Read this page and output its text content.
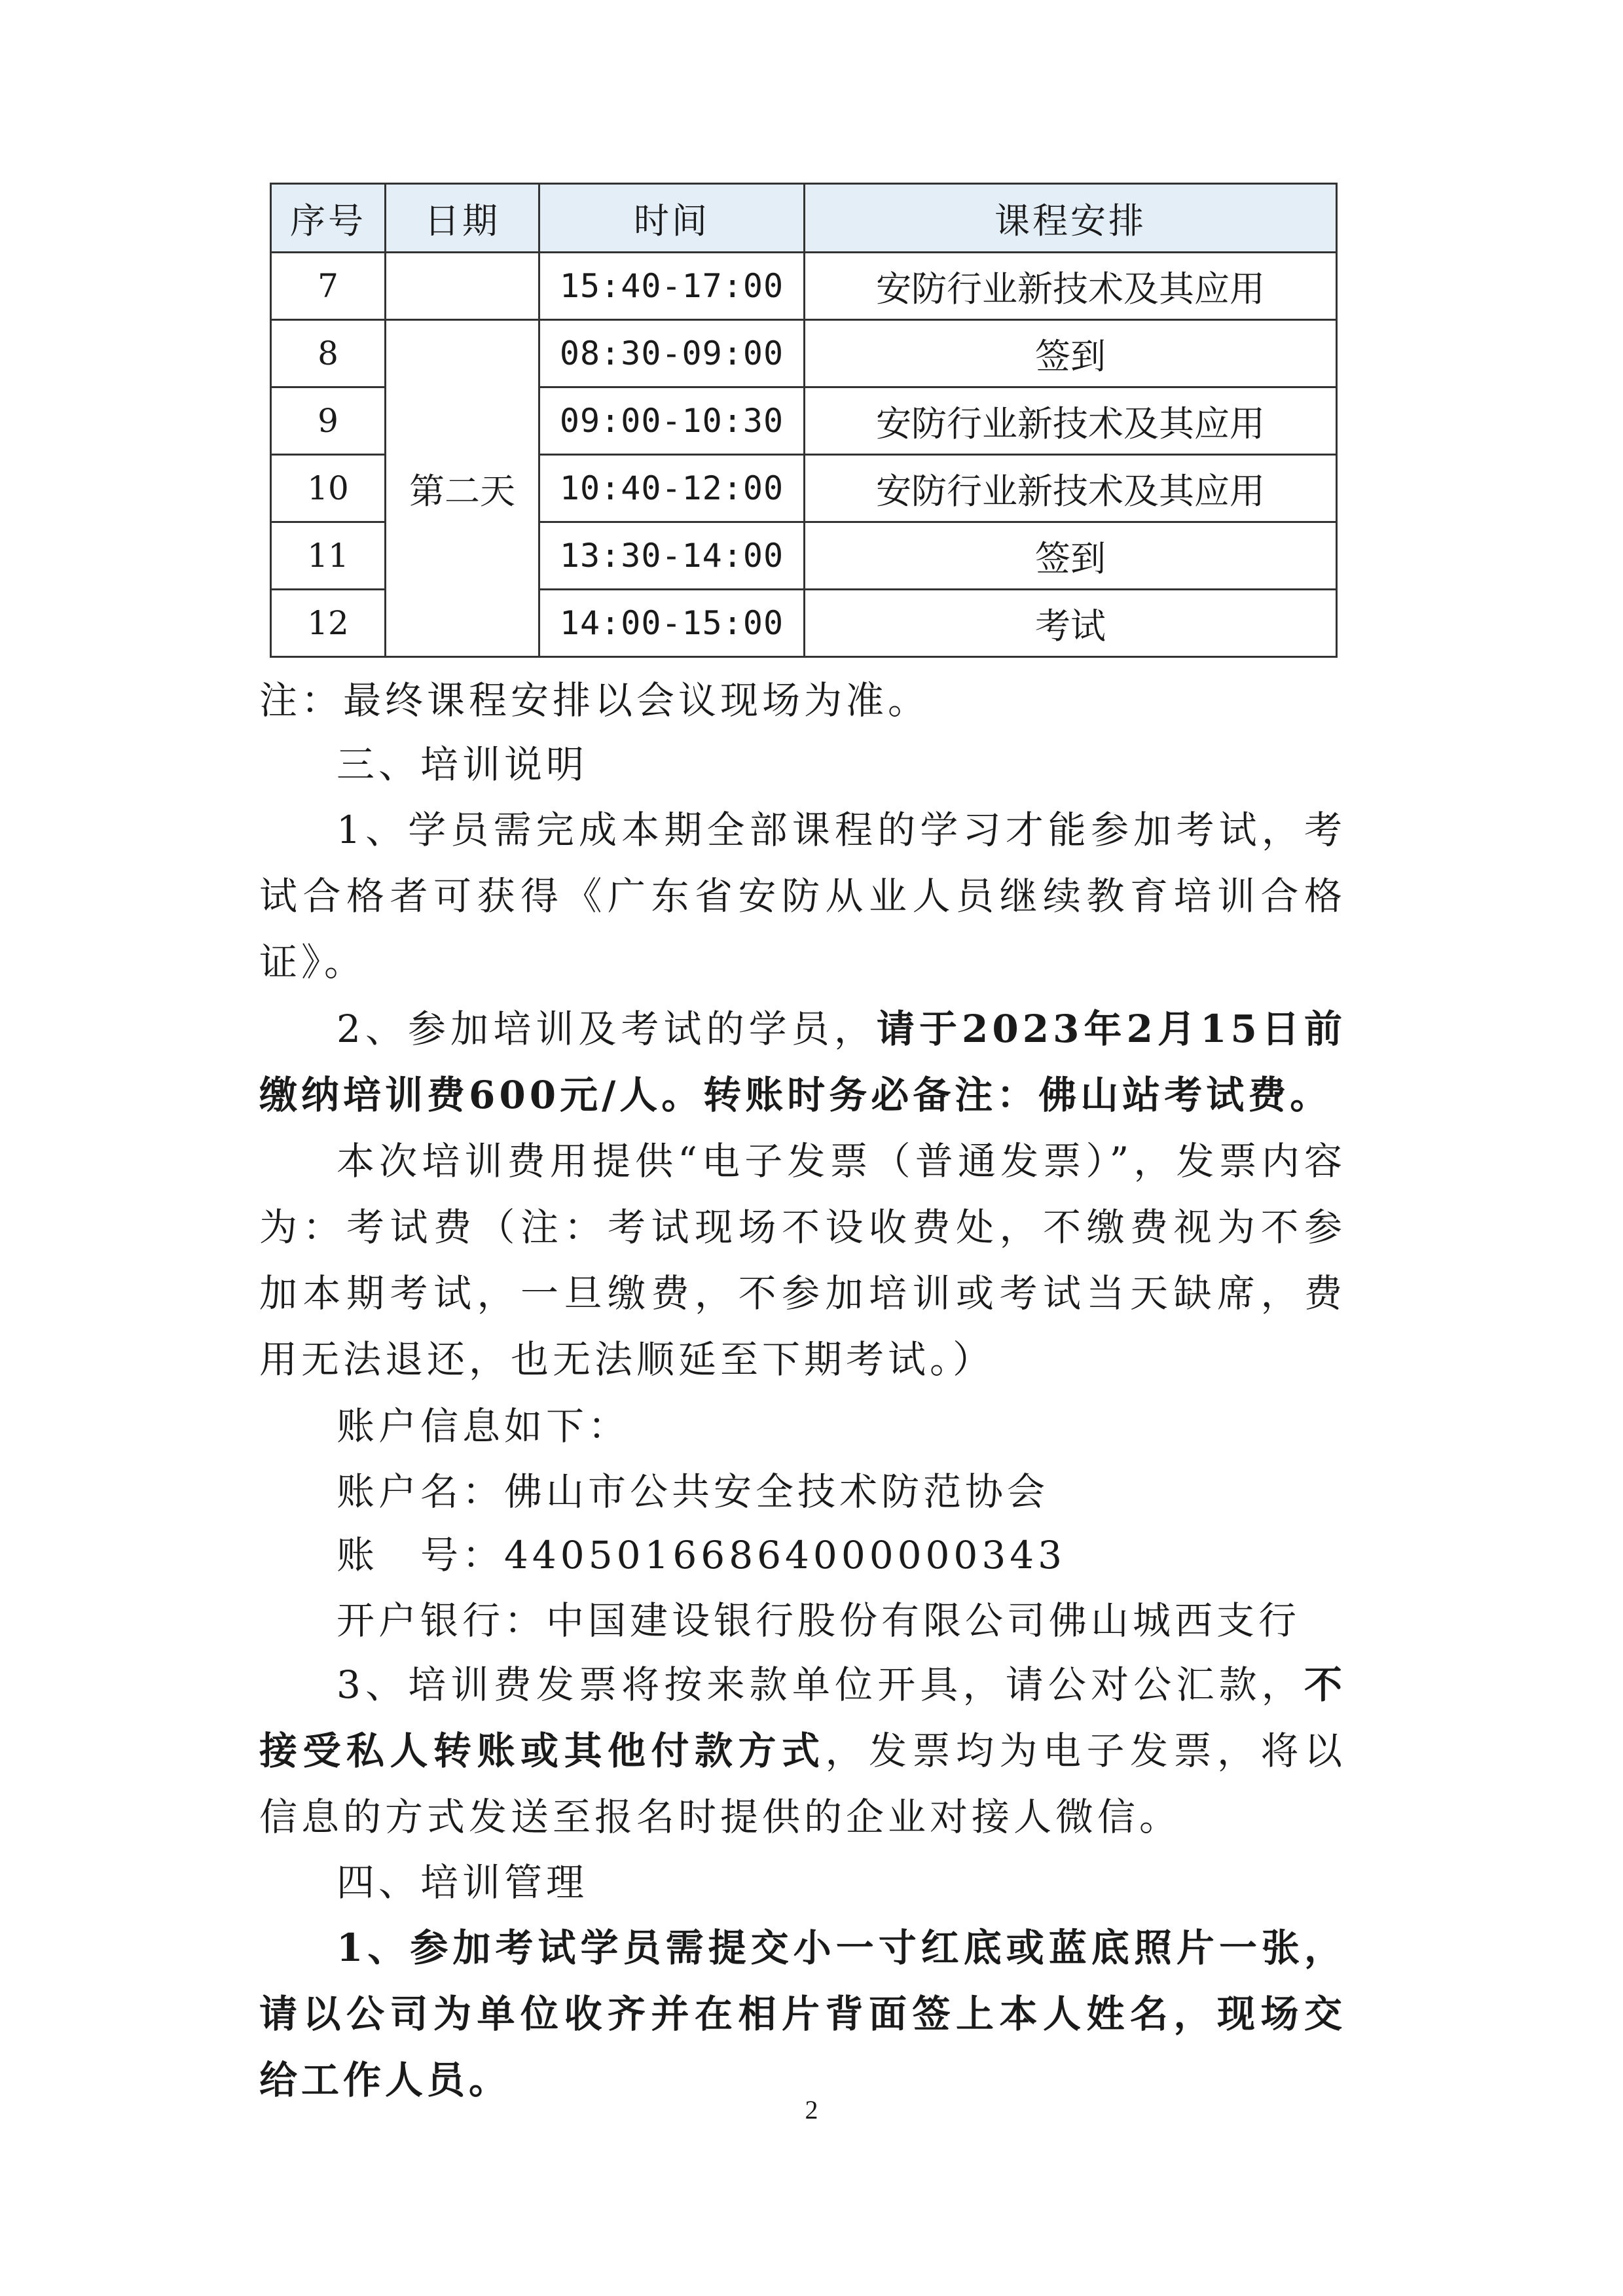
序号	日期	时间	课程安排
7		15:40-17:00	安防行业新技术及其应用
8	第二天	08:30-09:00	签到
9		09:00-10:30	安防行业新技术及其应用
10		10:40-12:00	安防行业新技术及其应用
11		13:30-14:00	签到
12		14:00-15:00	考试

注：最终课程安排以会议现场为准。

三、培训说明

1、学员需完成本期全部课程的学习才能参加考试，考试合格者可获得《广东省安防从业人员继续教育培训合格证》。

2、参加培训及考试的学员，请于2023年2月15日前缴纳培训费600元/人。转账时务必备注：佛山站考试费。

本次培训费用提供“电子发票（普通发票）”，发票内容为：考试费（注：考试现场不设收费处，不缴费视为不参加本期考试，一旦缴费，不参加培训或考试当天缺席，费用无法退还，也无法顺延至下期考试。）

账户信息如下：

账户名：佛山市公共安全技术防范协会

账　号：44050166864000000343

开户银行：中国建设银行股份有限公司佛山城西支行

3、培训费发票将按来款单位开具，请公对公汇款，不接受私人转账或其他付款方式，发票均为电子发票，将以信息的方式发送至报名时提供的企业对接人微信。

四、培训管理

1、参加考试学员需提交小一寸红底或蓝底照片一张，请以公司为单位收齐并在相片背面签上本人姓名，现场交给工作人员。

2
